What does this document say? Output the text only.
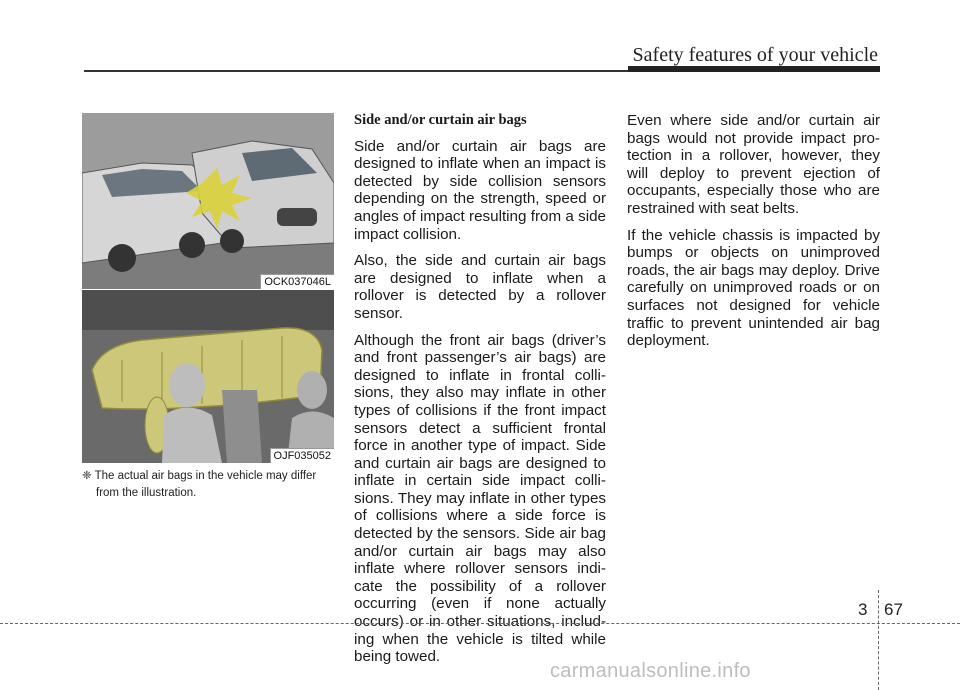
Safety features of your vehicle
OCK037046L
OJF035052
❈ The actual air bags in the vehicle may differ
from the illustration.
Side and/or curtain air bags

Side and/or curtain air bags are designed to inflate when an impact is detected by side collision sensors depending on the strength, speed or angles of impact resulting from a side impact collision.

Also, the side and curtain air bags are designed to inflate when a rollover is detected by a rollover sensor.

Although the front air bags (driver’s and front passenger’s air bags) are designed to inflate in frontal colli-sions, they also may inflate in other types of collisions if the front impact sensors detect a sufficient frontal force in another type of impact. Side and curtain air bags are designed to inflate in certain side impact colli-sions. They may inflate in other types of collisions where a side force is detected by the sensors. Side air bag and/or curtain air bags may also inflate where rollover sensors indi-cate the possibility of a rollover occurring (even if none actually occurs) or in other situations, includ-ing when the vehicle is tilted while being towed.

Even where side and/or curtain air bags would not provide impact pro-tection in a rollover, however, they will deploy to prevent ejection of occupants, especially those who are restrained with seat belts.

If the vehicle chassis is impacted by bumps or objects on unimproved roads, the air bags may deploy. Drive carefully on unimproved roads or on surfaces not designed for vehicle traffic to prevent unintended air bag deployment.

3 67
carmanualsonline.info
